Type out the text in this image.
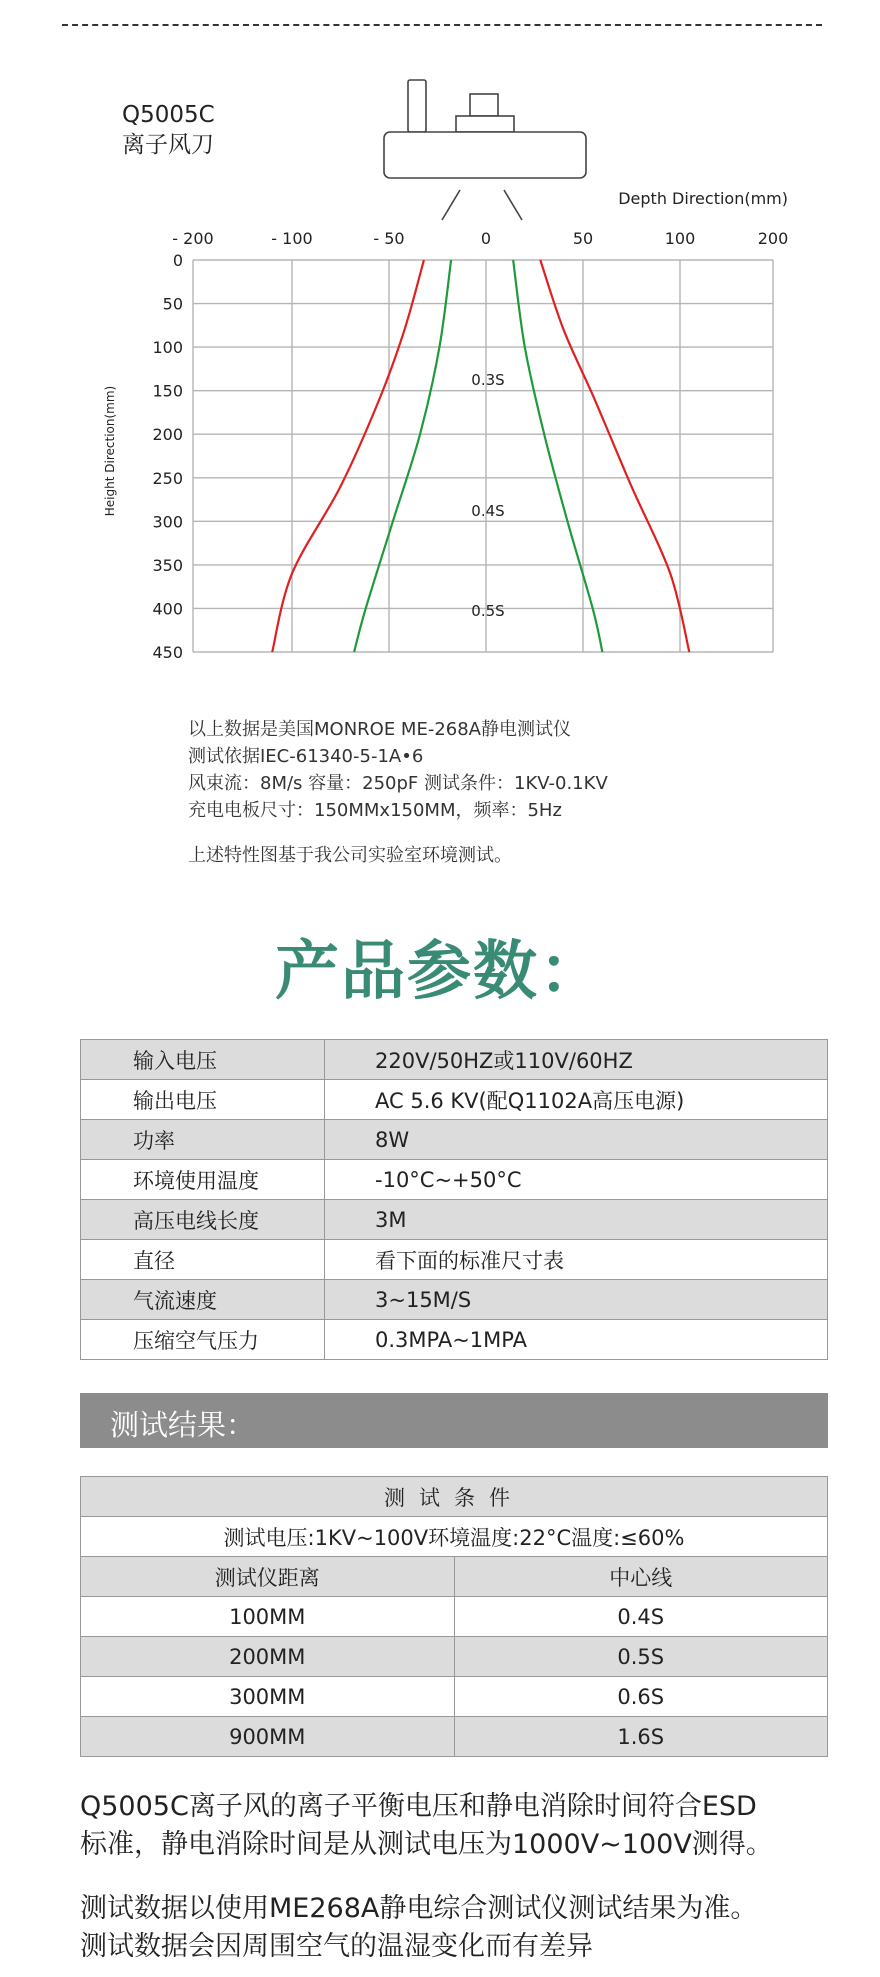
Q5005C
离子风刀
- 200	- 100	- 50	0	50	100	200
0
50
100
150
200
250
300
350
400
450
Depth Direction(mm)
Height Direction(mm)
0.3S
0.4S
0.5S
以上数据是美国MONROE ME-268A静电测试仪
测试依据IEC-61340-5-1A•6
风束流：8M/s 容量：250pF 测试条件：1KV-0.1KV
充电电板尺寸：150MMx150MM，频率：5Hz
上述特性图基于我公司实验室环境测试。
产品参数：
输入电压	220V/50HZ或110V/60HZ
输出电压	AC 5.6 KV(配Q1102A高压电源)
功率	8W
环境使用温度	-10°C~+50°C
高压电线长度	3M
直径	看下面的标准尺寸表
气流速度	3~15M/S
压缩空气压力	0.3MPA~1MPA
测试结果：
测试条件	
测试电压:1KV~100V环境温度:22°C温度:≤60%	
测试仪距离	中心线
100MM	0.4S
200MM	0.5S
300MM	0.6S
900MM	1.6S
Q5005C离子风的离子平衡电压和静电消除时间符合ESD
标准，静电消除时间是从测试电压为1000V~100V测得。
测试数据以使用ME268A静电综合测试仪测试结果为准。
测试数据会因周围空气的温湿变化而有差异
